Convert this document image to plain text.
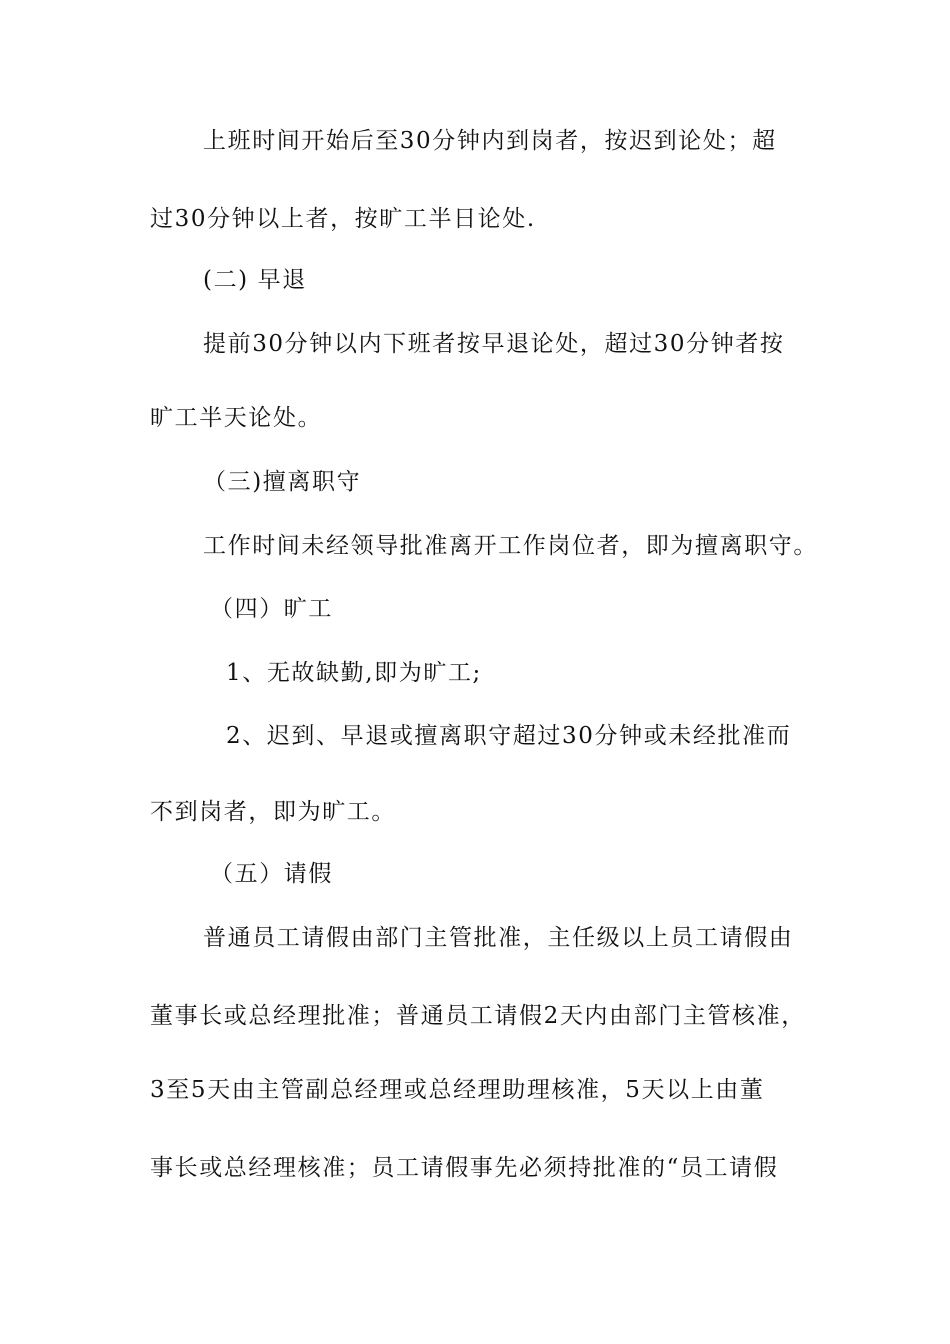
上班时间开始后至30分钟内到岗者，按迟到论处；超
过30分钟以上者，按旷工半日论处.
(二) 早退
提前30分钟以内下班者按早退论处，超过30分钟者按
旷工半天论处。
（三)擅离职守
工作时间未经领导批准离开工作岗位者，即为擅离职守。
（四）旷工
1、无故缺勤,即为旷工;
2、迟到、早退或擅离职守超过30分钟或未经批准而
不到岗者，即为旷工。
（五）请假
普通员工请假由部门主管批准，主任级以上员工请假由
董事长或总经理批准；普通员工请假2天内由部门主管核准，
3至5天由主管副总经理或总经理助理核准，5天以上由董
事长或总经理核准；员工请假事先必须持批准的“员工请假
